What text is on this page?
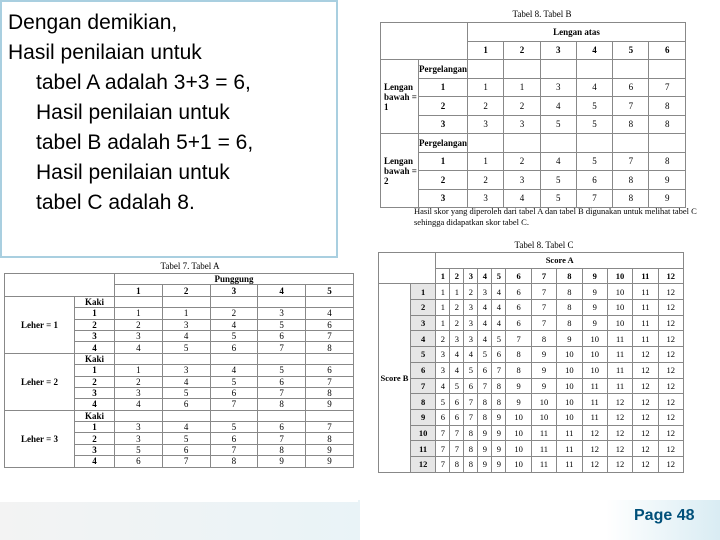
Dengan demikian,
Hasil penilaian untuk
tabel A adalah 3+3 = 6,
Hasil penilaian untuk
tabel B adalah 5+1 = 6,
Hasil penilaian untuk
tabel C adalah 8.
Tabel 8. Tabel B
		Lengan atas					
		1	2	3	4	5	6
Lengan bawah = 1	Pergelangan						
	1	1	1	3	4	6	7
	2	2	2	4	5	7	8
	3	3	3	5	5	8	8
Lengan bawah = 2	Pergelangan						
	1	1	2	4	5	7	8
	2	2	3	5	6	8	9
	3	3	4	5	7	8	9
Hasil skor yang diperoleh dari tabel A dan tabel B digunakan untuk melihat tabel C sehingga didapatkan skor tabel C.
Tabel 7. Tabel A
		Punggung				
		1	2	3	4	5
Leher = 1	Kaki					
	1	1	1	2	3	4
	2	2	3	4	5	6
	3	3	4	5	6	7
	4	4	5	6	7	8
Leher = 2	Kaki					
	1	1	3	4	5	6
	2	2	4	5	6	7
	3	3	5	6	7	8
	4	4	6	7	8	9
Leher = 3	Kaki					
	1	3	4	5	6	7
	2	3	5	6	7	8
	3	5	6	7	8	9
	4	6	7	8	9	9
Tabel 8. Tabel C
		Score A											
		1	2	3	4	5	6	7	8	9	10	11	12
Score B	1	1	1	2	3	4	6	7	8	9	10	11	12
	2	1	2	3	4	4	6	7	8	9	10	11	12
	3	1	2	3	4	4	6	7	8	9	10	11	12
	4	2	3	3	4	5	7	8	9	10	11	11	12
	5	3	4	4	5	6	8	9	10	10	11	12	12
	6	3	4	5	6	7	8	9	10	10	11	12	12
	7	4	5	6	7	8	9	9	10	11	11	12	12
	8	5	6	7	8	8	9	10	10	11	12	12	12
	9	6	6	7	8	9	10	10	10	11	12	12	12
	10	7	7	8	9	9	10	11	11	12	12	12	12
	11	7	7	8	9	9	10	11	11	12	12	12	12
	12	7	8	8	9	9	10	11	11	12	12	12	12
Page 48
